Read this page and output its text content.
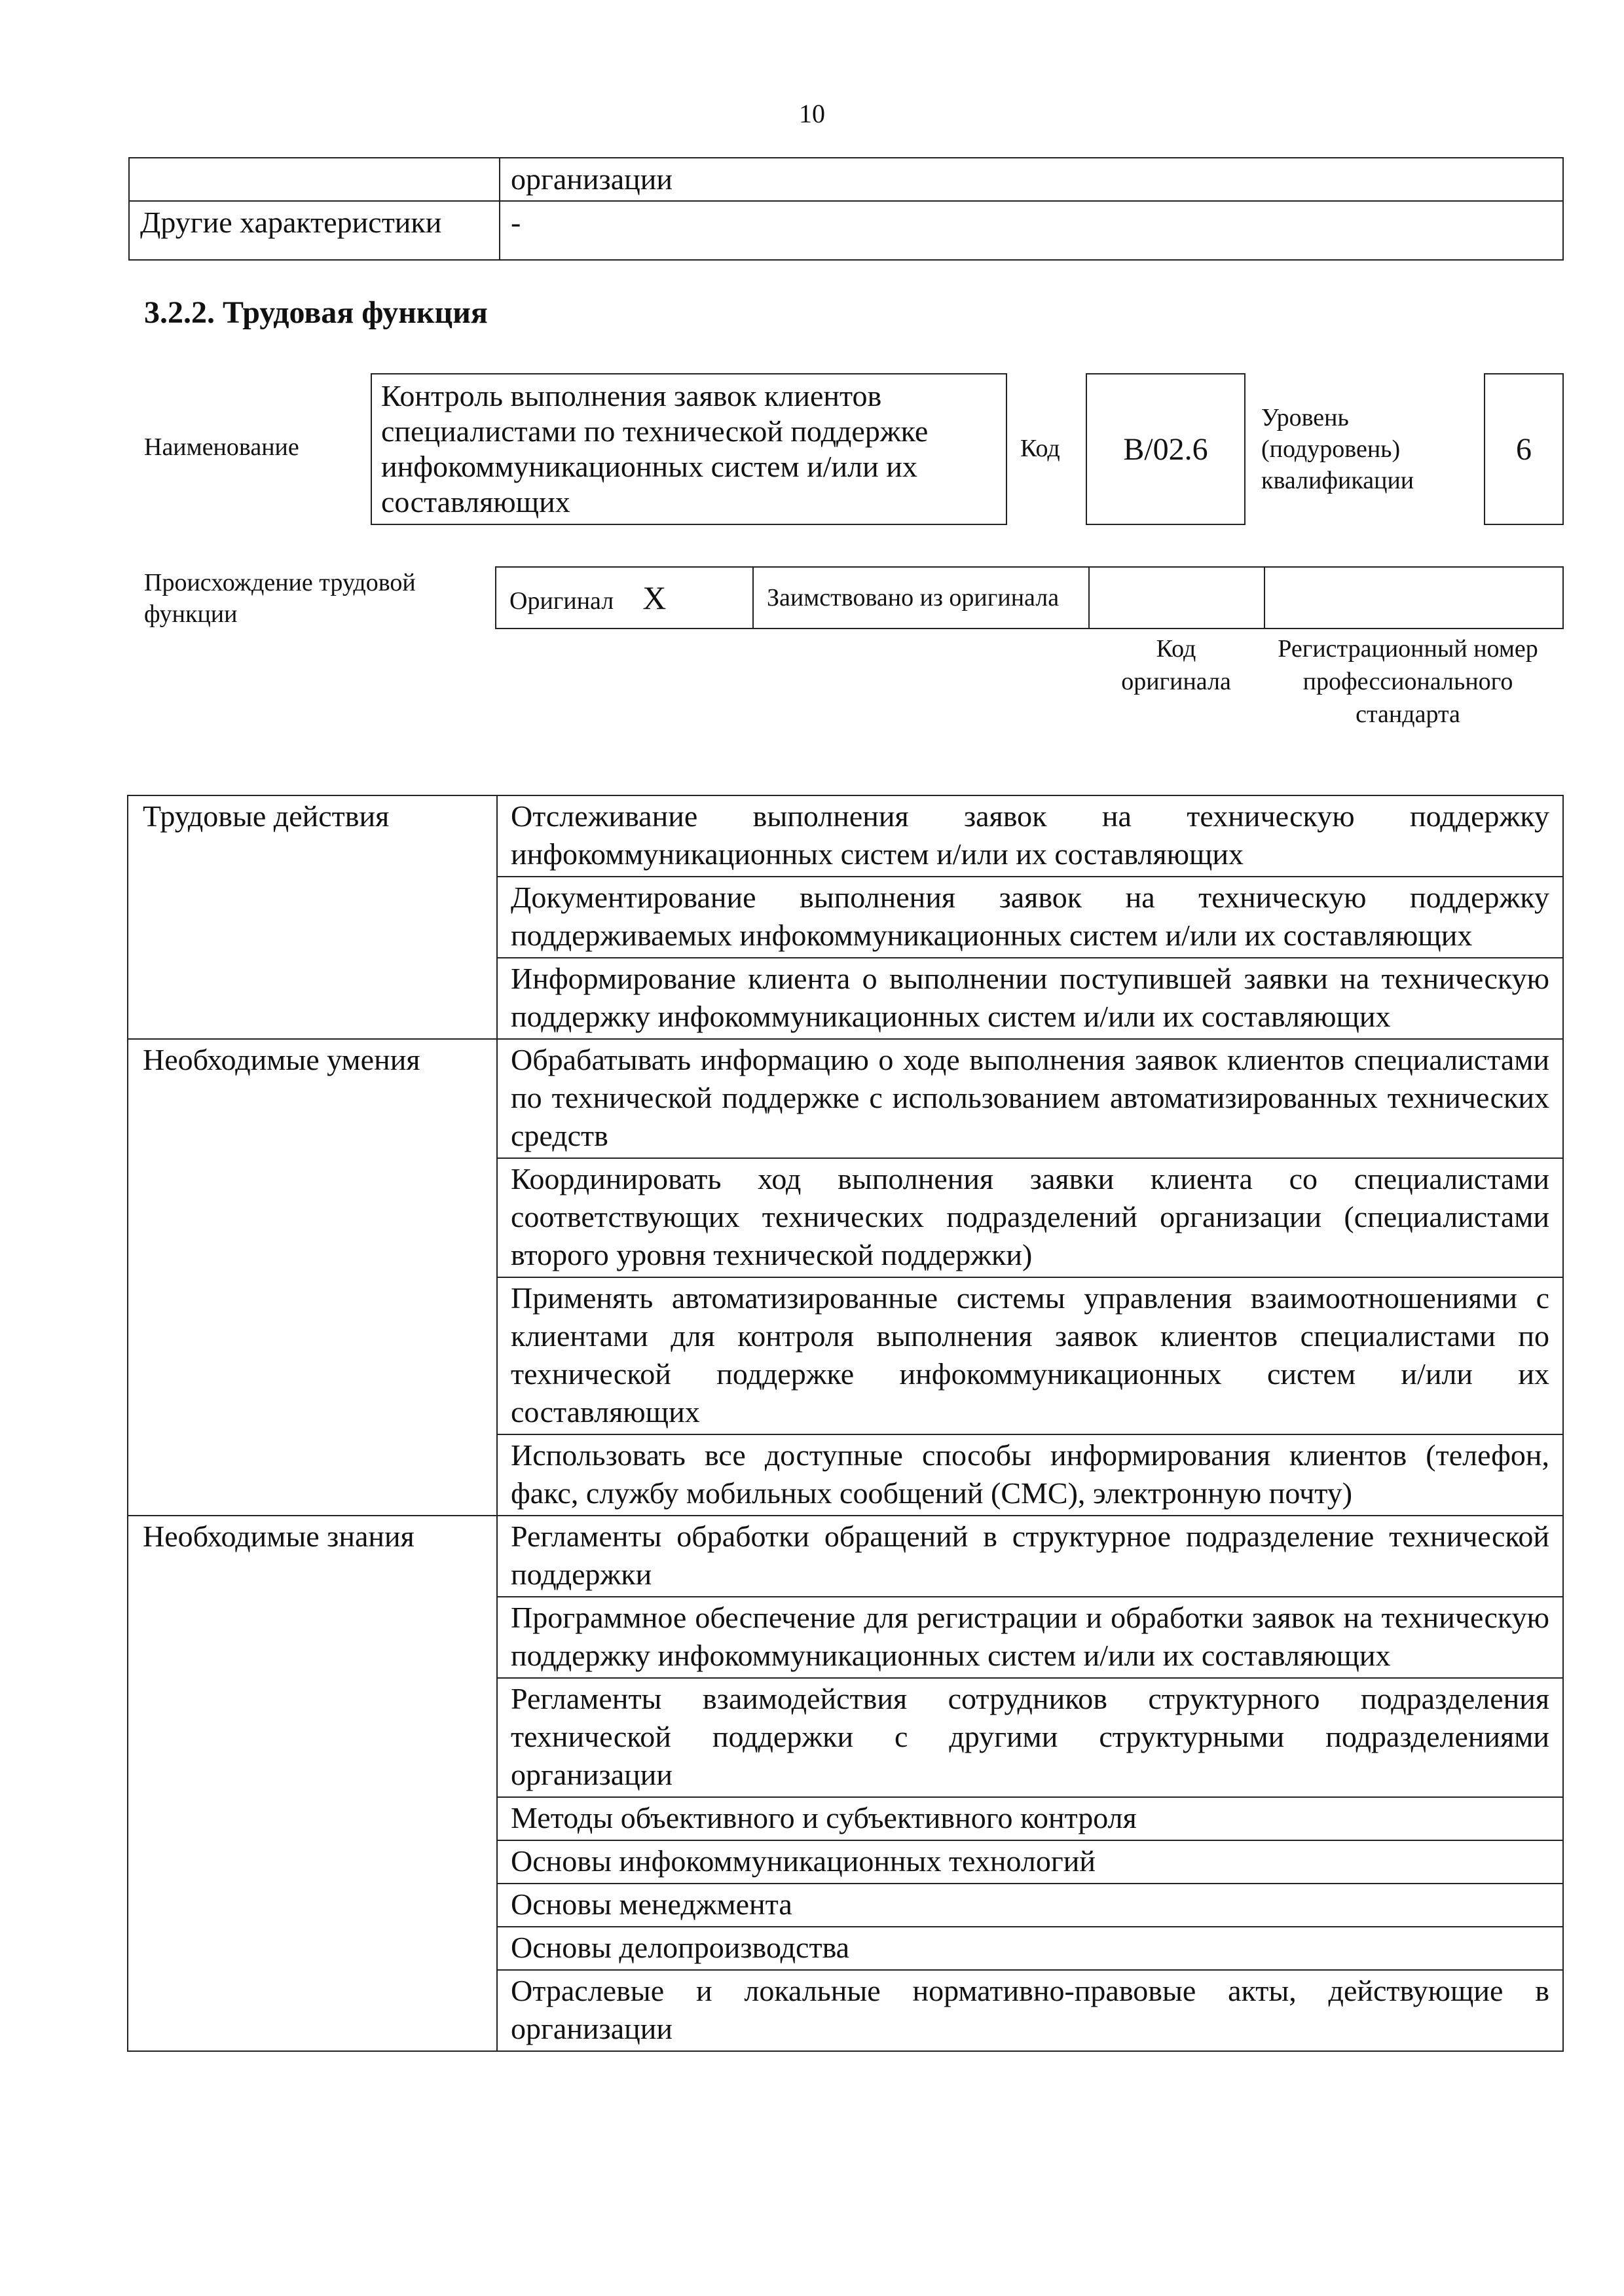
10
	организации
Другие характеристики	-
3.2.2. Трудовая функция
Наименование
Контроль выполнения заявок клиентов специалистами по технической поддержке инфокоммуникационных систем и/или их составляющих
Код B/02.6
Уровень (подуровень) квалификации
6
Происхождение трудовой функции	Оригинал X	Заимствовано из оригинала

Код оригинала
Регистрационный номер профессионального стандарта
Трудовые действия	Отслеживание выполнения заявок на техническую поддержку инфокоммуникационных систем и/или их составляющих
	Документирование выполнения заявок на техническую поддержку поддерживаемых инфокоммуникационных систем и/или их составляющих
	Информирование клиента о выполнении поступившей заявки на техническую поддержку инфокоммуникационных систем и/или их составляющих
Необходимые умения	Обрабатывать информацию о ходе выполнения заявок клиентов специалистами по технической поддержке с использованием автоматизированных технических средств
	Координировать ход выполнения заявки клиента со специалистами соответствующих технических подразделений организации (специалистами второго уровня технической поддержки)
	Применять автоматизированные системы управления взаимоотношениями с клиентами для контроля выполнения заявок клиентов специалистами по технической поддержке инфокоммуникационных систем и/или их составляющих
	Использовать все доступные способы информирования клиентов (телефон, факс, службу мобильных сообщений (СМС), электронную почту)
Необходимые знания	Регламенты обработки обращений в структурное подразделение технической поддержки
	Программное обеспечение для регистрации и обработки заявок на техническую поддержку инфокоммуникационных систем и/или их составляющих
	Регламенты взаимодействия сотрудников структурного подразделения технической поддержки с другими структурными подразделениями организации
	Методы объективного и субъективного контроля
	Основы инфокоммуникационных технологий
	Основы менеджмента
	Основы делопроизводства
	Отраслевые и локальные нормативно-правовые акты, действующие в организации
